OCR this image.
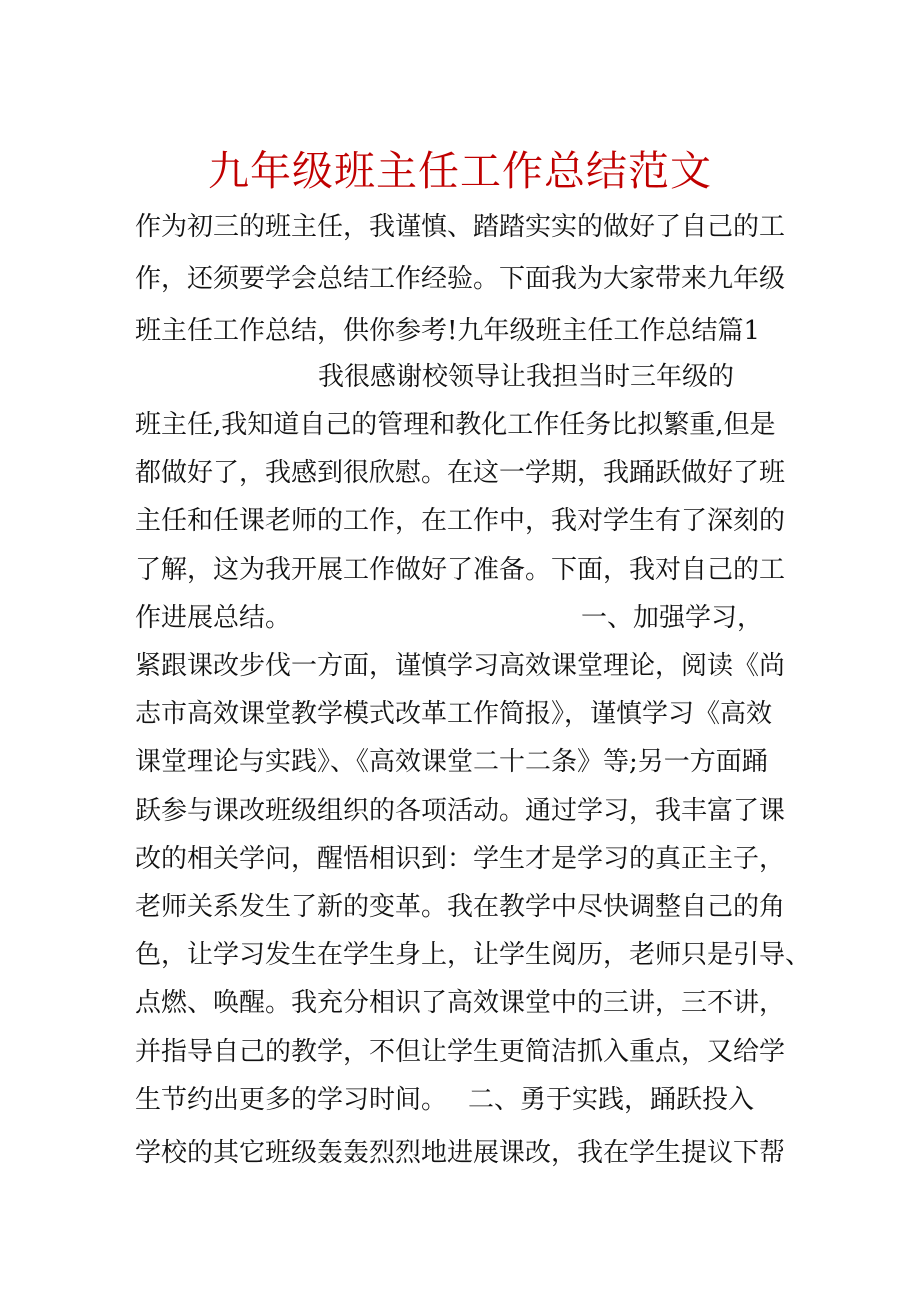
九年级班主任工作总结范文
作为初三的班主任，我谨慎、踏踏实实的做好了自己的工
作，还须要学会总结工作经验。下面我为大家带来九年级
班主任工作总结，供你参考!九年级班主任工作总结篇1
我很感谢校领导让我担当时三年级的
班主任,我知道自己的管理和教化工作任务比拟繁重,但是
都做好了，我感到很欣慰。在这一学期，我踊跃做好了班
主任和任课老师的工作，在工作中，我对学生有了深刻的
了解，这为我开展工作做好了准备。下面，我对自己的工
作进展总结。	一、加强学习，
紧跟课改步伐一方面，谨慎学习高效课堂理论，阅读《尚
志市高效课堂教学模式改革工作简报》，谨慎学习《高效
课堂理论与实践》、《高效课堂二十二条》等;另一方面踊
跃参与课改班级组织的各项活动。通过学习，我丰富了课
改的相关学问，醒悟相识到：学生才是学习的真正主子，
老师关系发生了新的变革。我在教学中尽快调整自己的角
色，让学习发生在学生身上，让学生阅历，老师只是引导、
点燃、唤醒。我充分相识了高效课堂中的三讲，三不讲，
并指导自己的教学，不但让学生更简洁抓入重点，又给学
生节约出更多的学习时间。 二、勇于实践，踊跃投入
学校的其它班级轰轰烈烈地进展课改，我在学生提议下帮
